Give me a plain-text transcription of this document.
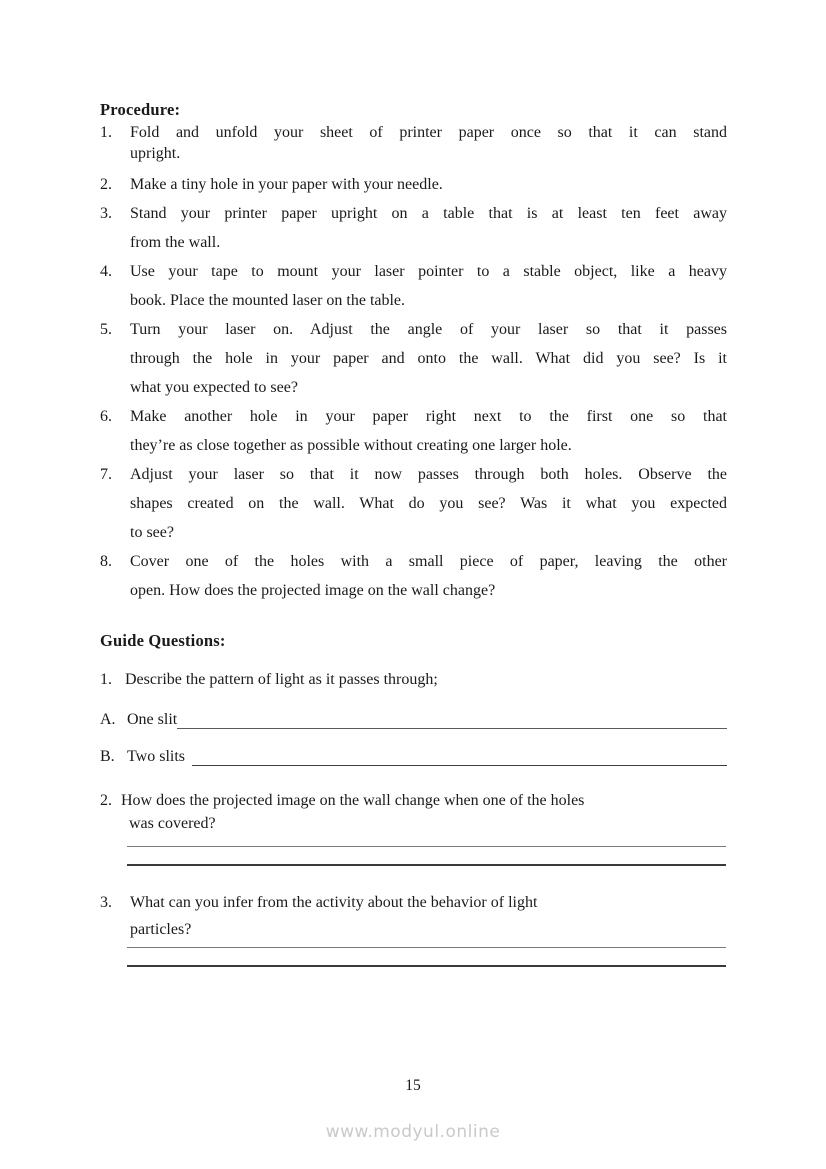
Procedure:
1.	Fold and unfold your sheet of printer paper once so that it can stand
upright.
2.	Make a tiny hole in your paper with your needle.
3.	Stand your printer paper upright on a table that is at least ten feet away
from the wall.
4.	Use your tape to mount your laser pointer to a stable object, like a heavy
book. Place the mounted laser on the table.
5.	Turn your laser on. Adjust the angle of your laser so that it passes
through the hole in your paper and onto the wall. What did you see? Is it
what you expected to see?
6.	Make another hole in your paper right next to the first one so that
they’re as close together as possible without creating one larger hole.
7.	Adjust your laser so that it now passes through both holes. Observe the
shapes created on the wall. What do you see? Was it what you expected
to see?
8.	Cover one of the holes with a small piece of paper, leaving the other
open. How does the projected image on the wall change?
Guide Questions:
1. Describe the pattern of light as it passes through;
A. One slit
B. Two slits
2. How does the projected image on the wall change when one of the holes
was covered?
3.	What can you infer from the activity about the behavior of light
particles?
15
www.modyul.online
